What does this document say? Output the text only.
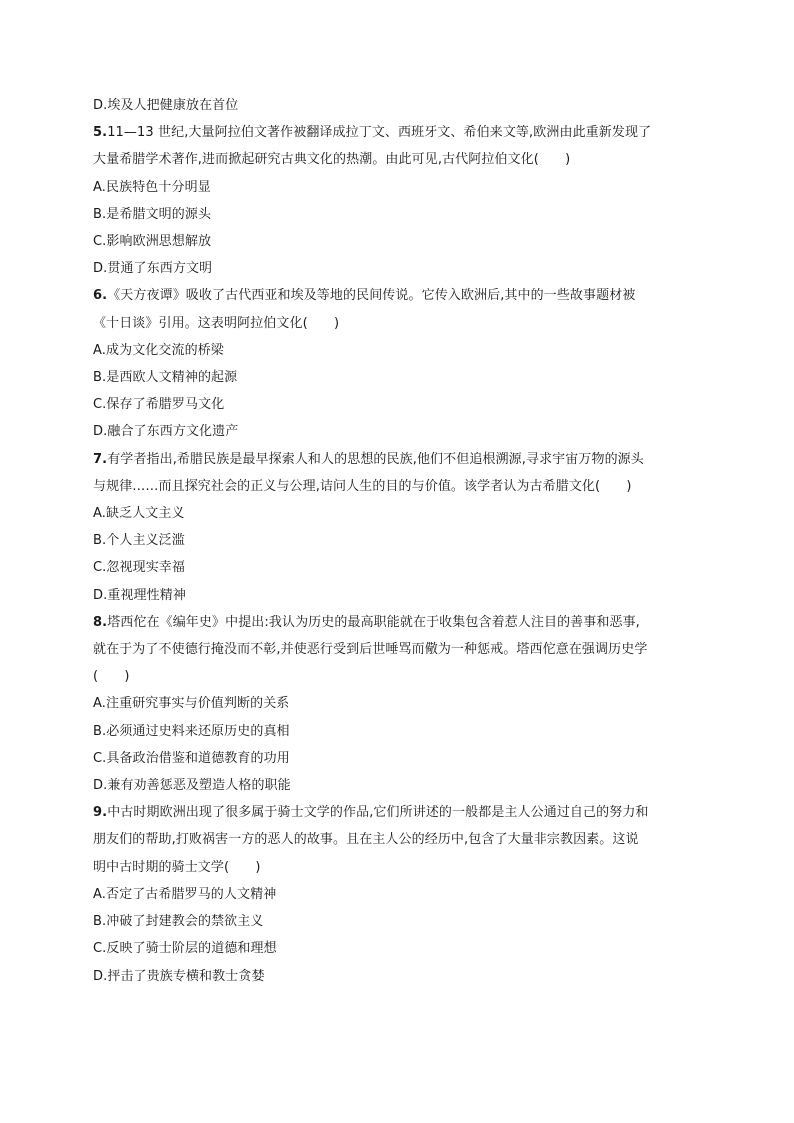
D.埃及人把健康放在首位
5.11—13 世纪,大量阿拉伯文著作被翻译成拉丁文、西班牙文、希伯来文等,欧洲由此重新发现了
大量希腊学术著作,进而掀起研究古典文化的热潮。由此可见,古代阿拉伯文化(　　)
A.民族特色十分明显
B.是希腊文明的源头
C.影响欧洲思想解放
D.贯通了东西方文明
6.《天方夜谭》吸收了古代西亚和埃及等地的民间传说。它传入欧洲后,其中的一些故事题材被
《十日谈》引用。这表明阿拉伯文化(　　)
A.成为文化交流的桥梁
B.是西欧人文精神的起源
C.保存了希腊罗马文化
D.融合了东西方文化遗产
7.有学者指出,希腊民族是最早探索人和人的思想的民族,他们不但追根溯源,寻求宇宙万物的源头
与规律……而且探究社会的正义与公理,诘问人生的目的与价值。该学者认为古希腊文化(　　)
A.缺乏人文主义
B.个人主义泛滥
C.忽视现实幸福
D.重视理性精神
8.塔西佗在《编年史》中提出:我认为历史的最高职能就在于收集包含着惹人注目的善事和恶事,
就在于为了不使德行掩没而不彰,并使恶行受到后世唾骂而儆为一种惩戒。塔西佗意在强调历史学
(　　)
A.注重研究事实与价值判断的关系
B.必须通过史料来还原历史的真相
C.具备政治借鉴和道德教育的功用
D.兼有劝善惩恶及塑造人格的职能
9.中古时期欧洲出现了很多属于骑士文学的作品,它们所讲述的一般都是主人公通过自己的努力和
朋友们的帮助,打败祸害一方的恶人的故事。且在主人公的经历中,包含了大量非宗教因素。这说
明中古时期的骑士文学(　　)
A.否定了古希腊罗马的人文精神
B.冲破了封建教会的禁欲主义
C.反映了骑士阶层的道德和理想
D.抨击了贵族专横和教士贪婪
